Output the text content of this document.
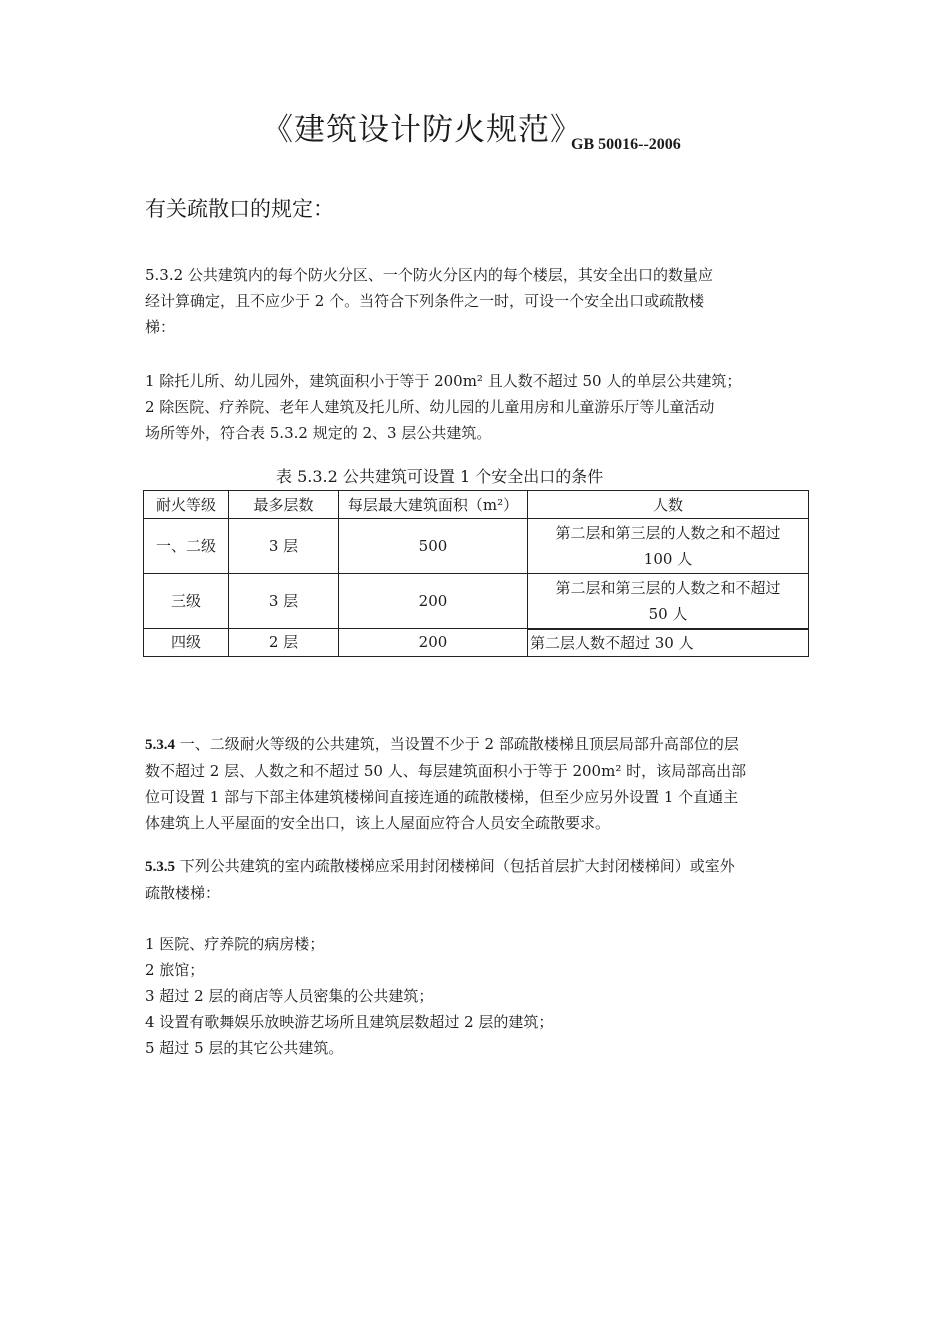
《建筑设计防火规范》
GB 50016--2006
有关疏散口的规定：
5.3.2 公共建筑内的每个防火分区、一个防火分区内的每个楼层，其安全出口的数量应
经计算确定，且不应少于 2 个。当符合下列条件之一时，可设一个安全出口或疏散楼
梯：
1 除托儿所、幼儿园外，建筑面积小于等于 200m² 且人数不超过 50 人的单层公共建筑；
2 除医院、疗养院、老年人建筑及托儿所、幼儿园的儿童用房和儿童游乐厅等儿童活动
场所等外，符合表 5.3.2 规定的 2、3 层公共建筑。
表 5.3.2 公共建筑可设置 1 个安全出口的条件
耐火等级	最多层数	每层最大建筑面积（m²）	人数
一、二级	3 层	500	第二层和第三层的人数之和不超过
100 人

三级	3 层	200	第二层和第三层的人数之和不超过
50 人

四级	2 层	200	第二层人数不超过 30 人
5.3.4 一、二级耐火等级的公共建筑，当设置不少于 2 部疏散楼梯且顶层局部升高部位的层
数不超过 2 层、人数之和不超过 50 人、每层建筑面积小于等于 200m² 时，该局部高出部
位可设置 1 部与下部主体建筑楼梯间直接连通的疏散楼梯，但至少应另外设置 1 个直通主
体建筑上人平屋面的安全出口，该上人屋面应符合人员安全疏散要求。
5.3.5 下列公共建筑的室内疏散楼梯应采用封闭楼梯间（包括首层扩大封闭楼梯间）或室外
疏散楼梯：
1 医院、疗养院的病房楼；
2 旅馆；
3 超过 2 层的商店等人员密集的公共建筑；
4 设置有歌舞娱乐放映游艺场所且建筑层数超过 2 层的建筑；
5 超过 5 层的其它公共建筑。
